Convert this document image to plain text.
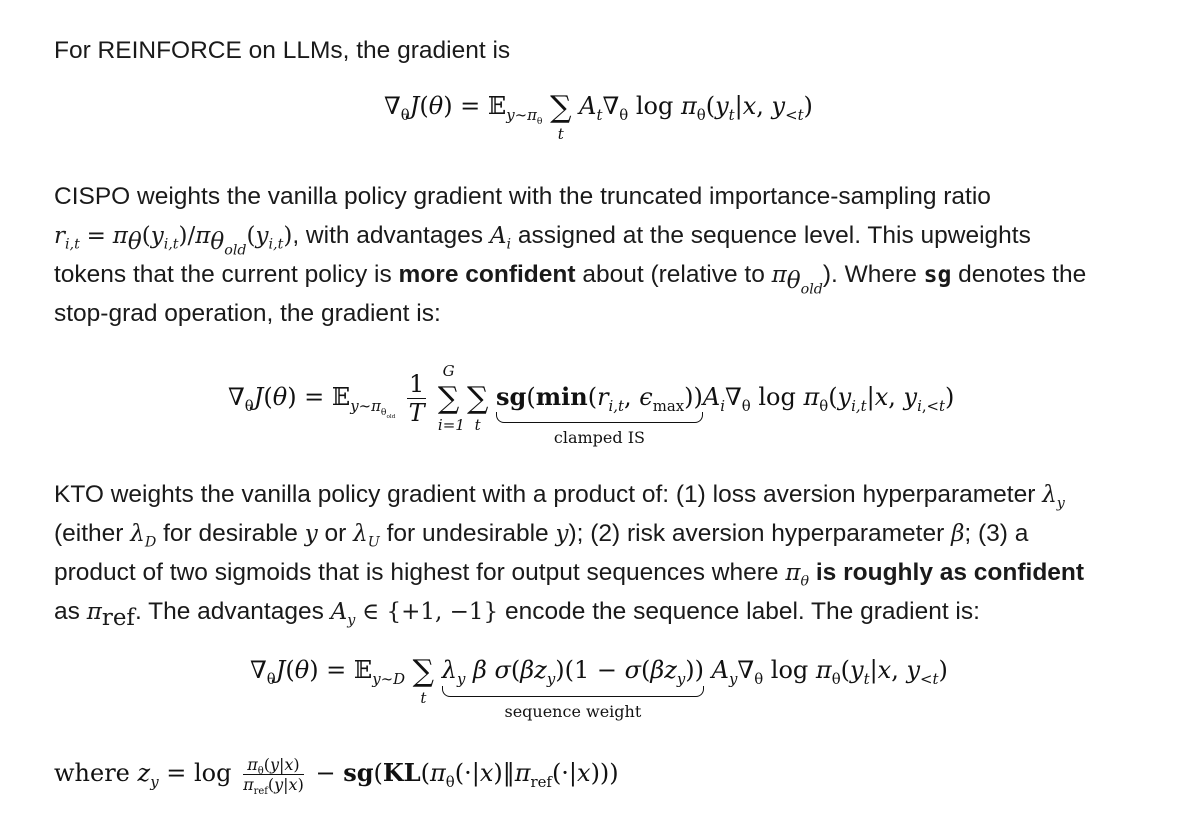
For REINFORCE on LLMs, the gradient is

$\nabla_\theta J(\theta)$ = 𝔼$_{y\sim\pi_\theta}$ ∑
t
$A_t\nabla_\theta$ $\log \pi_\theta(y_t|x$, $y_{<t}$)

CISPO weights the vanilla policy gradient with the truncated importance-sampling ratio

$r_{i,t} = \pi_\theta(y_{i,t})/\pi_{\theta_{old}}(y_{i,t})$, with advantages $A_i$ assigned at the sequence level. This upweights

tokens that the current policy is more confident about (relative to $\pi_{\theta_{old}}$). Where sg denotes the

stop-grad operation, the gradient is:

$\nabla_\theta J(\theta)$ = 𝔼$_{y\sim\pi_{\theta_{old}}}$ $\frac{1}{T}$
	G
∑
i=1

∑
t
$sg(\min(r_{i,t}$, $\epsilon_{max}$))
clamped IS
$A_i\nabla_\theta$ $\log \pi_\theta(y_{i,t}|x$, $y_{i,<t}$)

KTO weights the vanilla policy gradient with a product of: (1) loss aversion hyperparameter $\lambda_y$

(either $\lambda_D$ for desirable y or $\lambda_U$ for undesirable y); (2) risk aversion hyperparameter β; (3) a

product of two sigmoids that is highest for output sequences where $\pi_\theta$ is roughly as confident

as $\pi_{ref}$. The advantages $A_y$ ∈ {+1, −1} encode the sequence label. The gradient is:

$\nabla_\theta J(\theta)$ = 𝔼$_{y\sim D}$ ∑
t
$\lambda_y$ β $\sigma(\beta z_y)(1 - \sigma(\beta z_y))$
sequence weight
$A_y\nabla_\theta$ $\log \pi_\theta(y_t|x$, $y_{<t}$)
where $z_y = \log \frac{\pi_\theta(y|x)}{\pi_{ref}(y|x)}$ − $sg(KL(\pi_\theta(\cdot|x)‖\pi_{ref}(\cdot|x)))$
